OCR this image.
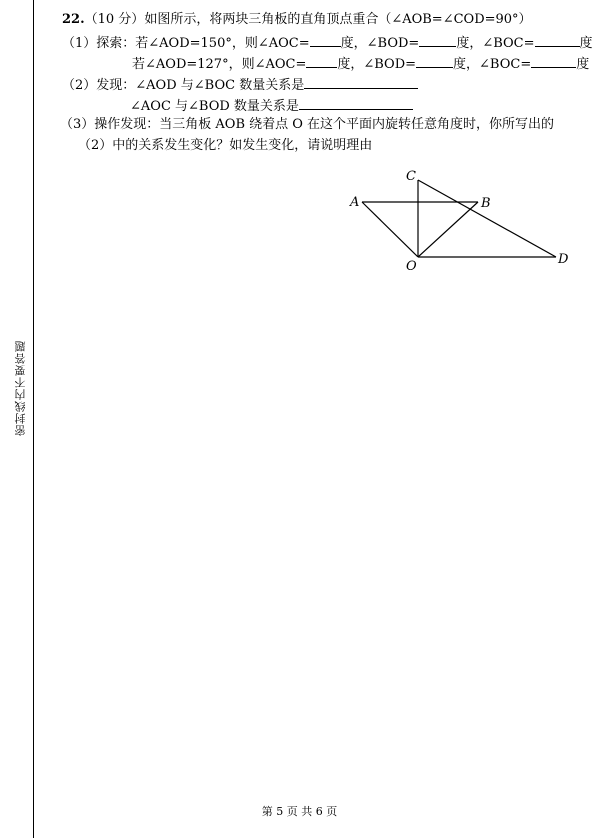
密封线内不要答题
22.（10 分）如图所示，将两块三角板的直角顶点重合（∠AOB=∠COD=90°）
（1）探索：若∠AOD=150°，则∠AOC= 度，∠BOD=	度，∠BOC=	度
若∠AOD=127°，则∠AOC= 度，∠BOD=	度，∠BOC=	度
（2）发现：∠AOD 与∠BOC 数量关系是
∠AOC 与∠BOD 数量关系是
（3）操作发现：当三角板 AOB 绕着点 O 在这个平面内旋转任意角度时，你所写出的
（2）中的关系发生变化？如发生变化，请说明理由
A	B
C
D
O
第 5 页 共 6 页
